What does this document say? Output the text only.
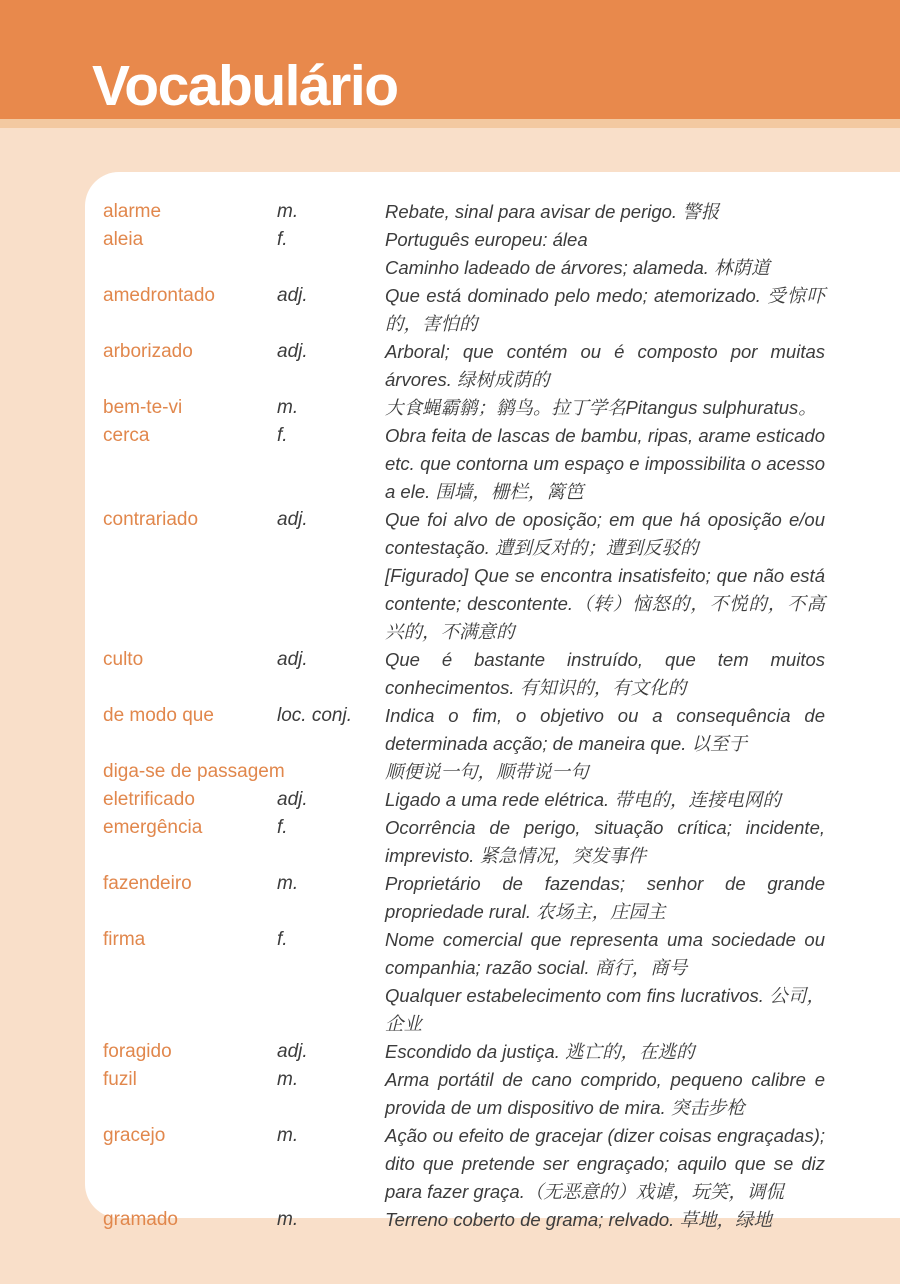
Vocabulário
alarme	m.	Rebate, sinal para avisar de perigo. 警报

aleia	f.	Português europeu: álea

Caminho ladeado de árvores; alameda. 林荫道

amedrontado	adj.	Que está dominado pelo medo; atemorizado. 受惊吓的，害怕的

arborizado	adj.	Arboral; que contém ou é composto por muitas árvores. 绿树成荫的

bem-te-vi	m.	大食蝇霸鹟；鹟鸟。拉丁学名Pitangus sulphuratus。

cerca	f.	Obra feita de lascas de bambu, ripas, arame esticado etc. que contorna um espaço e impossibilita o acesso a ele. 围墙，栅栏，篱笆

contrariado	adj.	Que foi alvo de oposição; em que há oposição e/ou contestação. 遭到反对的；遭到反驳的

[Figurado] Que se encontra insatisfeito; que não está contente; descontente.（转）恼怒的，不悦的，不高兴的，不满意的

culto	adj.	Que é bastante instruído, que tem muitos conhecimentos. 有知识的，有文化的

de modo que	loc. conj.	Indica o fim, o objetivo ou a consequência de determinada acção; de maneira que. 以至于

diga-se de passagem	顺便说一句，顺带说一句

eletrificado	adj.	Ligado a uma rede elétrica. 带电的，连接电网的

emergência	f.	Ocorrência de perigo, situação crítica; incidente, imprevisto. 紧急情况，突发事件

fazendeiro	m.	Proprietário de fazendas; senhor de grande propriedade rural. 农场主，庄园主

firma	f.	Nome comercial que representa uma sociedade ou companhia; razão social. 商行，商号

Qualquer estabelecimento com fins lucrativos. 公司，企业

foragido	adj.	Escondido da justiça. 逃亡的，在逃的

fuzil	m.	Arma portátil de cano comprido, pequeno calibre e provida de um dispositivo de mira. 突击步枪

gracejo	m.	Ação ou efeito de gracejar (dizer coisas engraçadas); dito que pretende ser engraçado; aquilo que se diz para fazer graça.（无恶意的）戏谑，玩笑，调侃

gramado	m.	Terreno coberto de grama; relvado. 草地，绿地
